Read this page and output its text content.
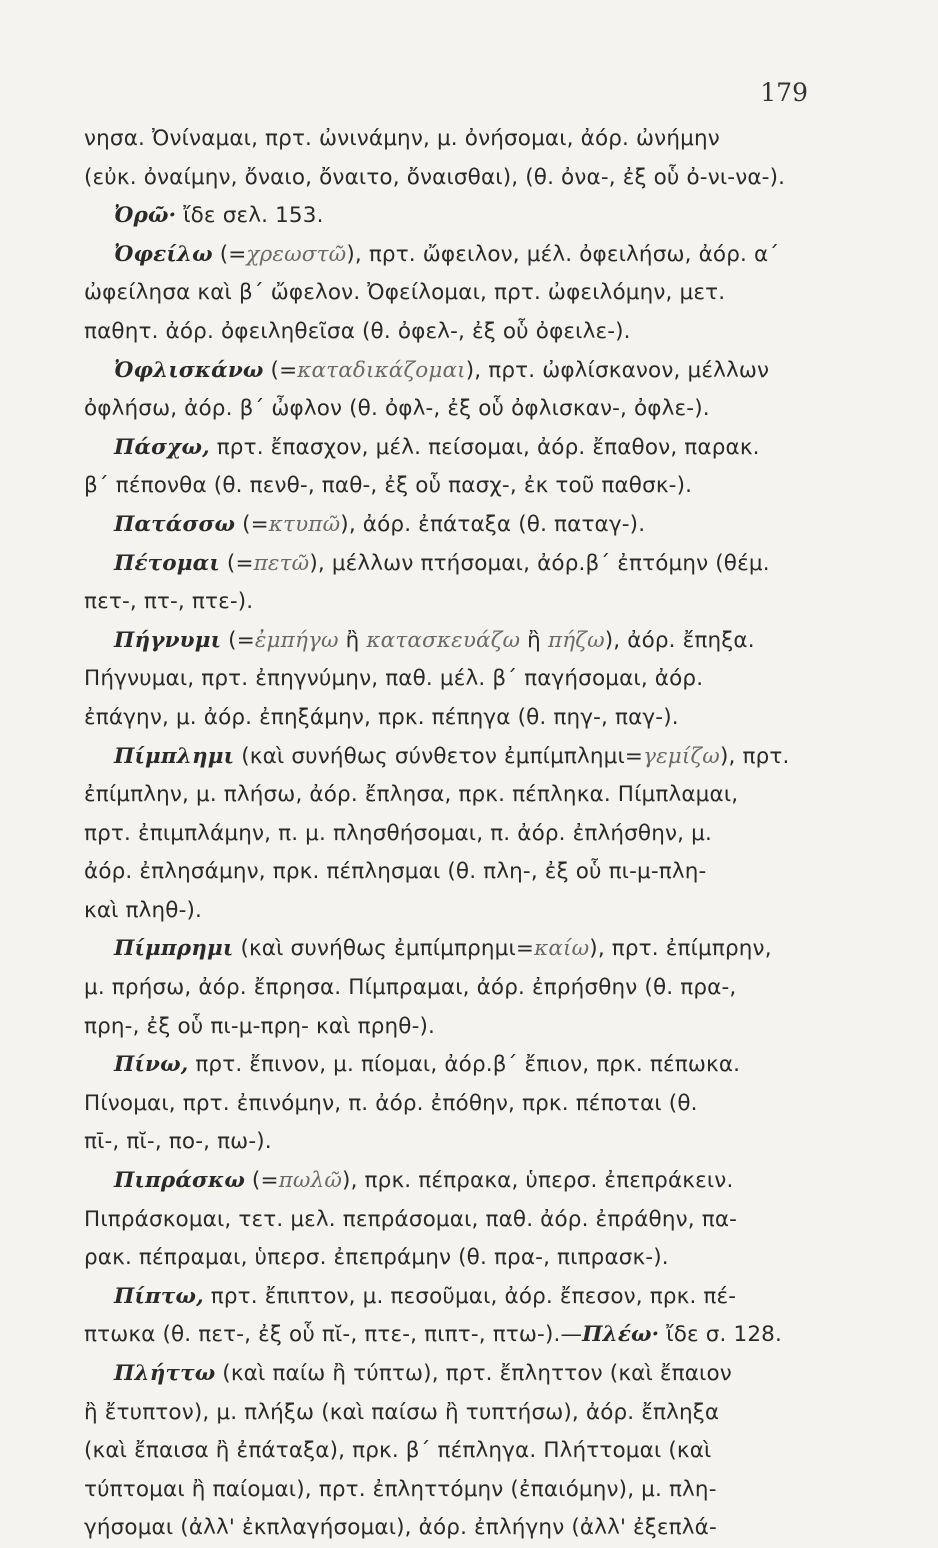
179
νησα. Ὀνίναμαι, πρτ. ὠνινάμην, μ. ὀνήσομαι, ἀόρ. ὠνήμην
(εὐκ. ὀναίμην, ὄναιο, ὄναιτο, ὄναισθαι), (θ. ὀνα-, ἐξ οὗ ὀ-νι-να-).
Ὀρῶ· ἴδε σελ. 153.
Ὀφείλω (=χρεωστῶ), πρτ. ὤφειλον, μέλ. ὀφειλήσω, ἀόρ. α΄
ὠφείλησα καὶ β΄ ὤφελον. Ὀφείλομαι, πρτ. ὠφειλόμην, μετ.
παθητ. ἀόρ. ὀφειληθεῖσα (θ. ὀφελ-, ἐξ οὗ ὀφειλε-).
Ὀφλισκάνω (=καταδικάζομαι), πρτ. ὠφλίσκανον, μέλλων
ὀφλήσω, ἀόρ. β΄ ὦφλον (θ. ὀφλ-, ἐξ οὗ ὀφλισκαν-, ὀφλε-).
Πάσχω, πρτ. ἔπασχον, μέλ. πείσομαι, ἀόρ. ἔπαθον, παρακ.
β΄ πέπονθα (θ. πενθ-, παθ-, ἐξ οὗ πασχ-, ἐκ τοῦ παθσκ-).
Πατάσσω (=κτυπῶ), ἀόρ. ἐπάταξα (θ. παταγ-).
Πέτομαι (=πετῶ), μέλλων πτήσομαι, ἀόρ.β΄ ἐπτόμην (θέμ.
πετ-, πτ-, πτε-).
Πήγνυμι (=ἐμπήγω ἢ κατασκευάζω ἢ πήζω), ἀόρ. ἔπηξα.
Πήγνυμαι, πρτ. ἐπηγνύμην, παθ. μέλ. β΄ παγήσομαι, ἀόρ.
ἐπάγην, μ. ἀόρ. ἐπηξάμην, πρκ. πέπηγα (θ. πηγ-, παγ-).
Πίμπλημι (καὶ συνήθως σύνθετον ἐμπίμπλημι=γεμίζω), πρτ.
ἐπίμπλην, μ. πλήσω, ἀόρ. ἔπλησα, πρκ. πέπληκα. Πίμπλαμαι,
πρτ. ἐπιμπλάμην, π. μ. πλησθήσομαι, π. ἀόρ. ἐπλήσθην, μ.
ἀόρ. ἐπλησάμην, πρκ. πέπλησμαι (θ. πλη-, ἐξ οὗ πι-μ-πλη-
καὶ πληθ-).
Πίμπρημι (καὶ συνήθως ἐμπίμπρημι=καίω), πρτ. ἐπίμπρην,
μ. πρήσω, ἀόρ. ἔπρησα. Πίμπραμαι, ἀόρ. ἐπρήσθην (θ. πρα-,
πρη-, ἐξ οὗ πι-μ-πρη- καὶ πρηθ-).
Πίνω, πρτ. ἔπινον, μ. πίομαι, ἀόρ.β΄ ἔπιον, πρκ. πέπωκα.
Πίνομαι, πρτ. ἐπινόμην, π. ἀόρ. ἐπόθην, πρκ. πέποται (θ.
πῑ-, πῐ-, πο-, πω-).
Πιπράσκω (=πωλῶ), πρκ. πέπρακα, ὑπερσ. ἐπεπράκειν.
Πιπράσκομαι, τετ. μελ. πεπράσομαι, παθ. ἀόρ. ἐπράθην, πα-
ρακ. πέπραμαι, ὑπερσ. ἐπεπράμην (θ. πρα-, πιπρασκ-).
Πίπτω, πρτ. ἔπιπτον, μ. πεσοῦμαι, ἀόρ. ἔπεσον, πρκ. πέ-
πτωκα (θ. πετ-, ἐξ οὗ πῐ-, πτε-, πιπτ-, πτω-).—Πλέω· ἴδε σ. 128.
Πλήττω (καὶ παίω ἢ τύπτω), πρτ. ἔπληττον (καὶ ἔπαιον
ἢ ἔτυπτον), μ. πλήξω (καὶ παίσω ἢ τυπτήσω), ἀόρ. ἔπληξα
(καὶ ἔπαισα ἢ ἐπάταξα), πρκ. β΄ πέπληγα. Πλήττομαι (καὶ
τύπτομαι ἢ παίομαι), πρτ. ἐπληττόμην (ἐπαιόμην), μ. πλη-
γήσομαι (ἀλλ' ἐκπλαγήσομαι), ἀόρ. ἐπλήγην (ἀλλ' ἐξεπλά-
